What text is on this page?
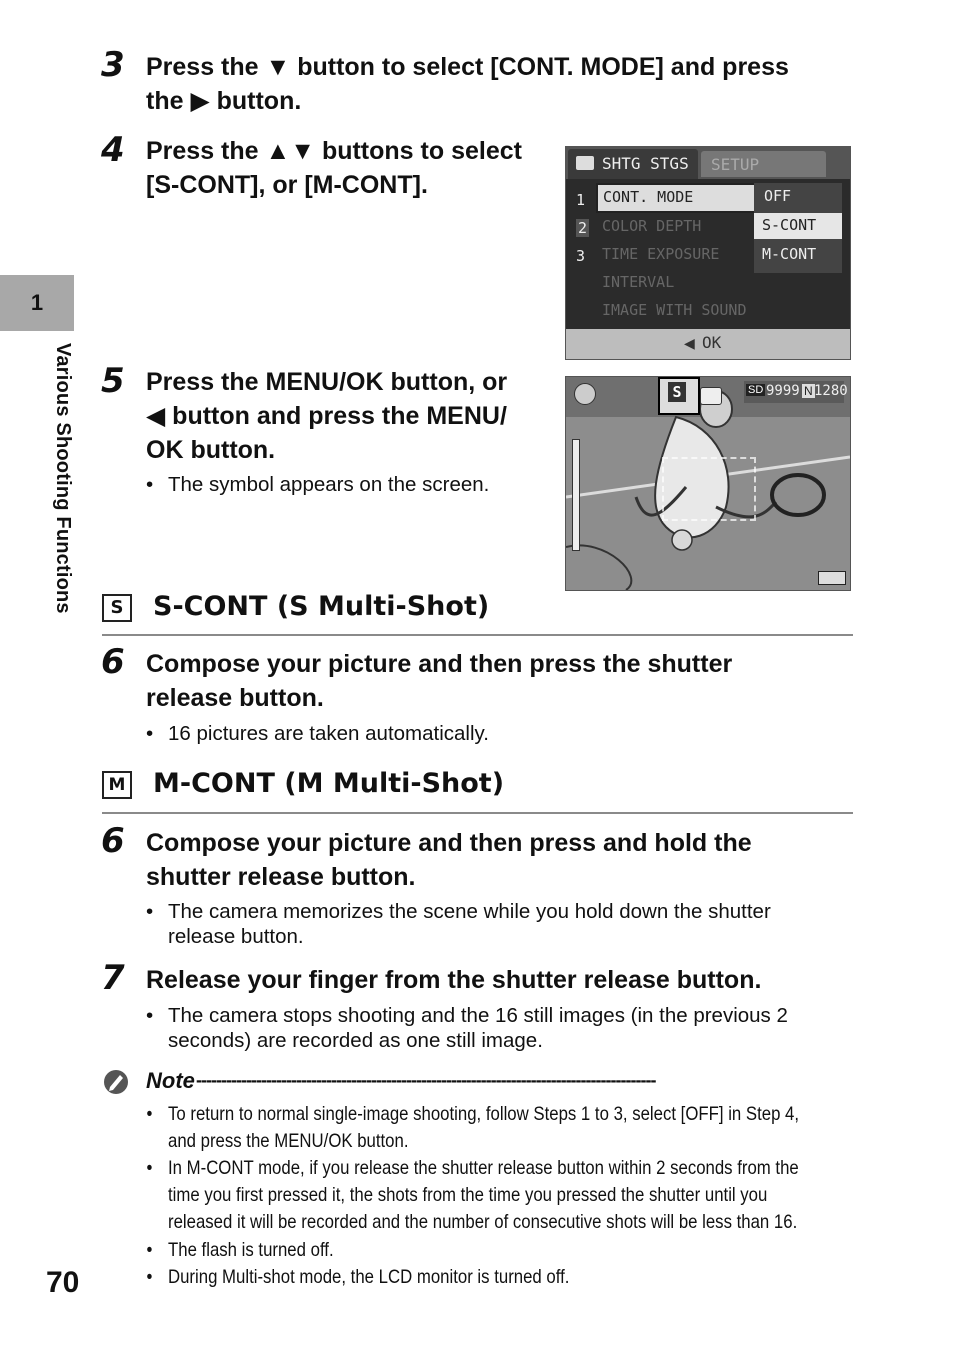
1
Various Shooting Functions
3 Press the ▼ button to select [CONT. MODE] and press
the ▶ button.
4 Press the ▲▼ buttons to select
[S-CONT], or [M-CONT].
SHTG STGS SETUP
1
2
3
CONT. MODE
COLOR DEPTH
TIME EXPOSURE
INTERVAL
IMAGE WITH SOUND
OFF
S-CONT
M-CONT
◀ OK
5 Press the MENU/OK button, or
◀ button and press the MENU/
OK button.
• The symbol appears on the screen.
S	SD 9999 N 1280
S	S-CONT (S Multi-Shot)
6 Compose your picture and then press the shutter
release button.
• 16 pictures are taken automatically.
M M-CONT (M Multi-Shot)
6 Compose your picture and then press and hold the
shutter release button.
• The camera memorizes the scene while you hold down the shutter
release button.
7 Release your finger from the shutter release button.
• The camera stops shooting and the 16 still images (in the previous 2
seconds) are recorded as one still image.
Note --------------------------------------------------------------------------------------------
• To return to normal single-image shooting, follow Steps 1 to 3, select [OFF] in Step 4,
and press the MENU/OK button.
• In M-CONT mode, if you release the shutter release button within 2 seconds from the
time you first pressed it, the shots from the time you pressed the shutter until you
released it will be recorded and the number of consecutive shots will be less than 16.
• The flash is turned off.
• During Multi-shot mode, the LCD monitor is turned off.
70
